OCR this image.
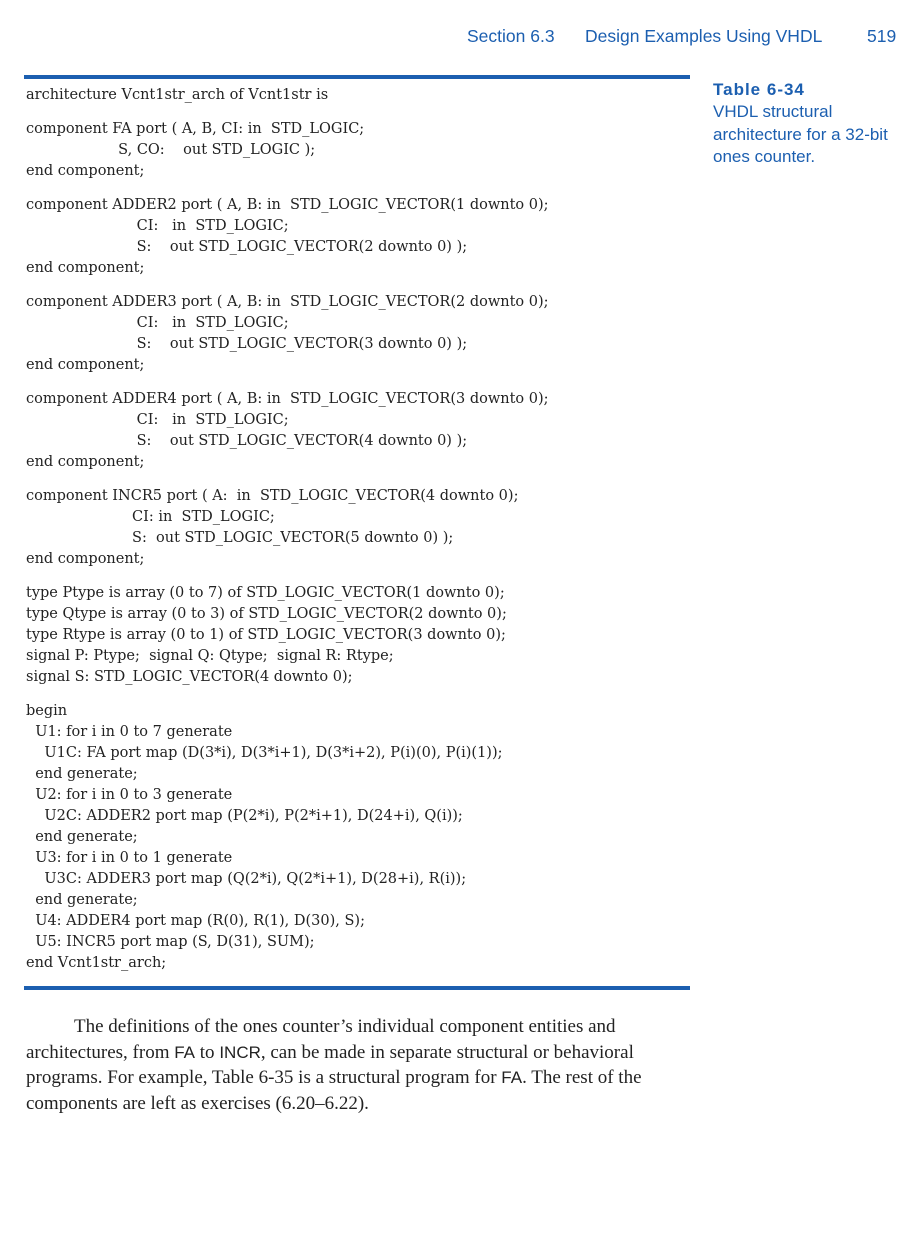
Section 6.3 Design Examples Using VHDL	519
Table 6-34
VHDL structural architecture for a 32-bit ones counter.
architecture Vcnt1str_arch of Vcnt1str is
component FA port ( A, B, CI: in  STD_LOGIC;
S, CO:    out STD_LOGIC );
end component;
component ADDER2 port ( A, B: in  STD_LOGIC_VECTOR(1 downto 0);
CI:   in  STD_LOGIC;
S:    out STD_LOGIC_VECTOR(2 downto 0) );
end component;
component ADDER3 port ( A, B: in  STD_LOGIC_VECTOR(2 downto 0);
CI:   in  STD_LOGIC;
S:    out STD_LOGIC_VECTOR(3 downto 0) );
end component;
component ADDER4 port ( A, B: in  STD_LOGIC_VECTOR(3 downto 0);
CI:   in  STD_LOGIC;
S:    out STD_LOGIC_VECTOR(4 downto 0) );
end component;
component INCR5 port ( A:  in  STD_LOGIC_VECTOR(4 downto 0);
CI: in  STD_LOGIC;
S:  out STD_LOGIC_VECTOR(5 downto 0) );
end component;
type Ptype is array (0 to 7) of STD_LOGIC_VECTOR(1 downto 0);
type Qtype is array (0 to 3) of STD_LOGIC_VECTOR(2 downto 0);
type Rtype is array (0 to 1) of STD_LOGIC_VECTOR(3 downto 0);
signal P: Ptype;  signal Q: Qtype;  signal R: Rtype;
signal S: STD_LOGIC_VECTOR(4 downto 0);
begin
U1: for i in 0 to 7 generate
U1C: FA port map (D(3*i), D(3*i+1), D(3*i+2), P(i)(0), P(i)(1));
end generate;
U2: for i in 0 to 3 generate
U2C: ADDER2 port map (P(2*i), P(2*i+1), D(24+i), Q(i));
end generate;
U3: for i in 0 to 1 generate
U3C: ADDER3 port map (Q(2*i), Q(2*i+1), D(28+i), R(i));
end generate;
U4: ADDER4 port map (R(0), R(1), D(30), S);
U5: INCR5 port map (S, D(31), SUM);
end Vcnt1str_arch;

The definitions of the ones counter’s individual component entities and architectures, from FA to INCR, can be made in separate structural or behavioral programs. For example, Table 6-35 is a structural program for FA. The rest of the components are left as exercises (6.20–6.22).
